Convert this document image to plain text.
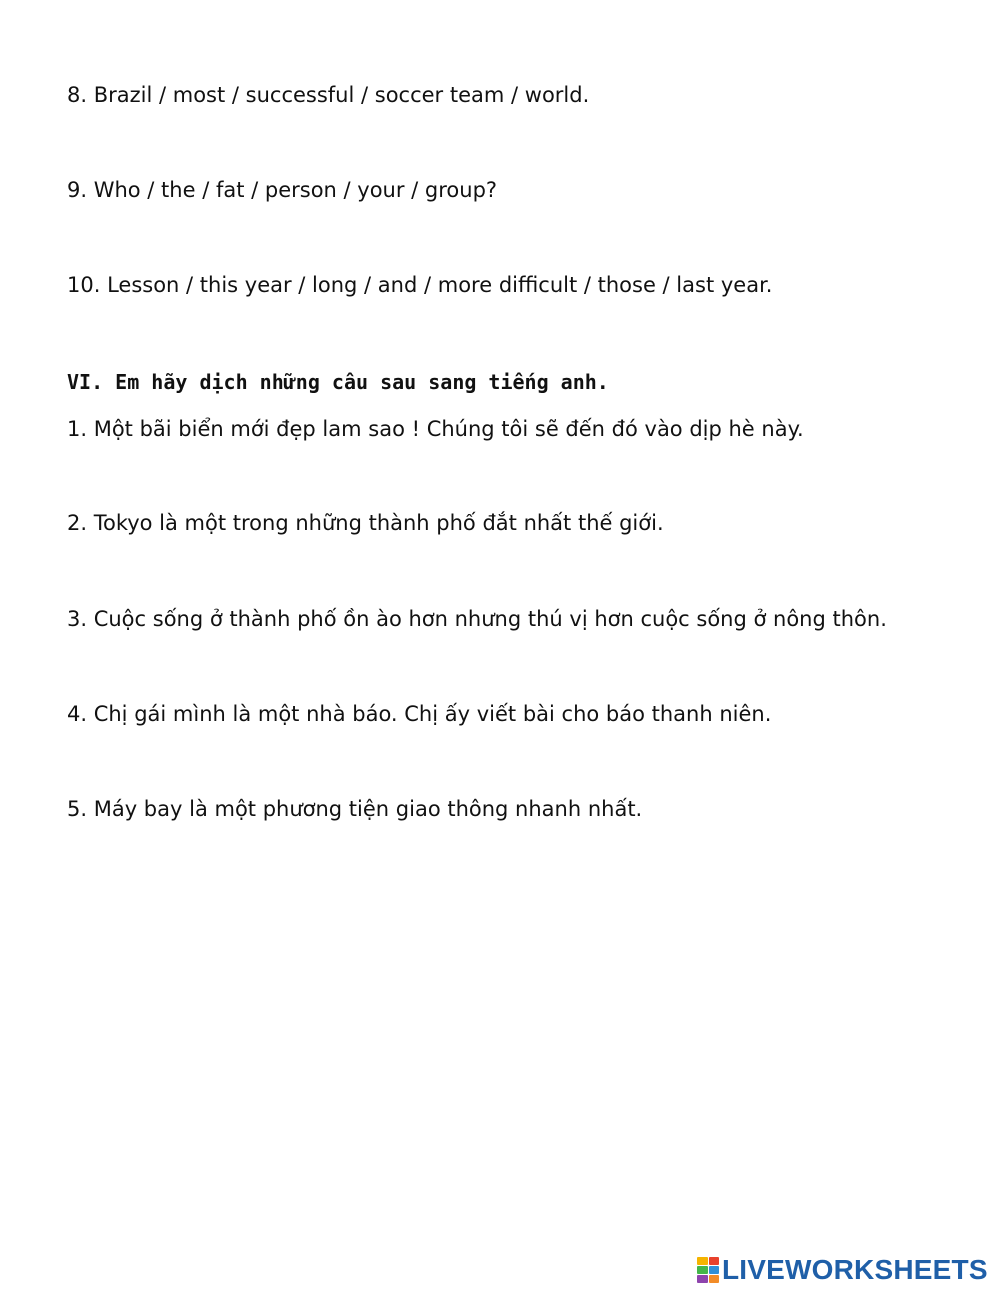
8. Brazil / most / successful / soccer team / world.
9. Who / the / fat / person / your / group?
10. Lesson / this year / long / and / more difficult / those / last year.
VI. Em hãy dịch những câu sau sang tiếng anh.
1. Một bãi biển mới đẹp lam sao ! Chúng tôi sẽ đến đó vào dịp hè này.
2. Tokyo là một trong những thành phố đắt nhất thế giới.
3. Cuộc sống ở thành phố ồn ào hơn nhưng thú vị hơn cuộc sống ở nông thôn.
4. Chị gái mình là một nhà báo. Chị ấy viết bài cho báo thanh niên.
5. Máy bay là một phương tiện giao thông nhanh nhất.
LIVEWORKSHEETS
